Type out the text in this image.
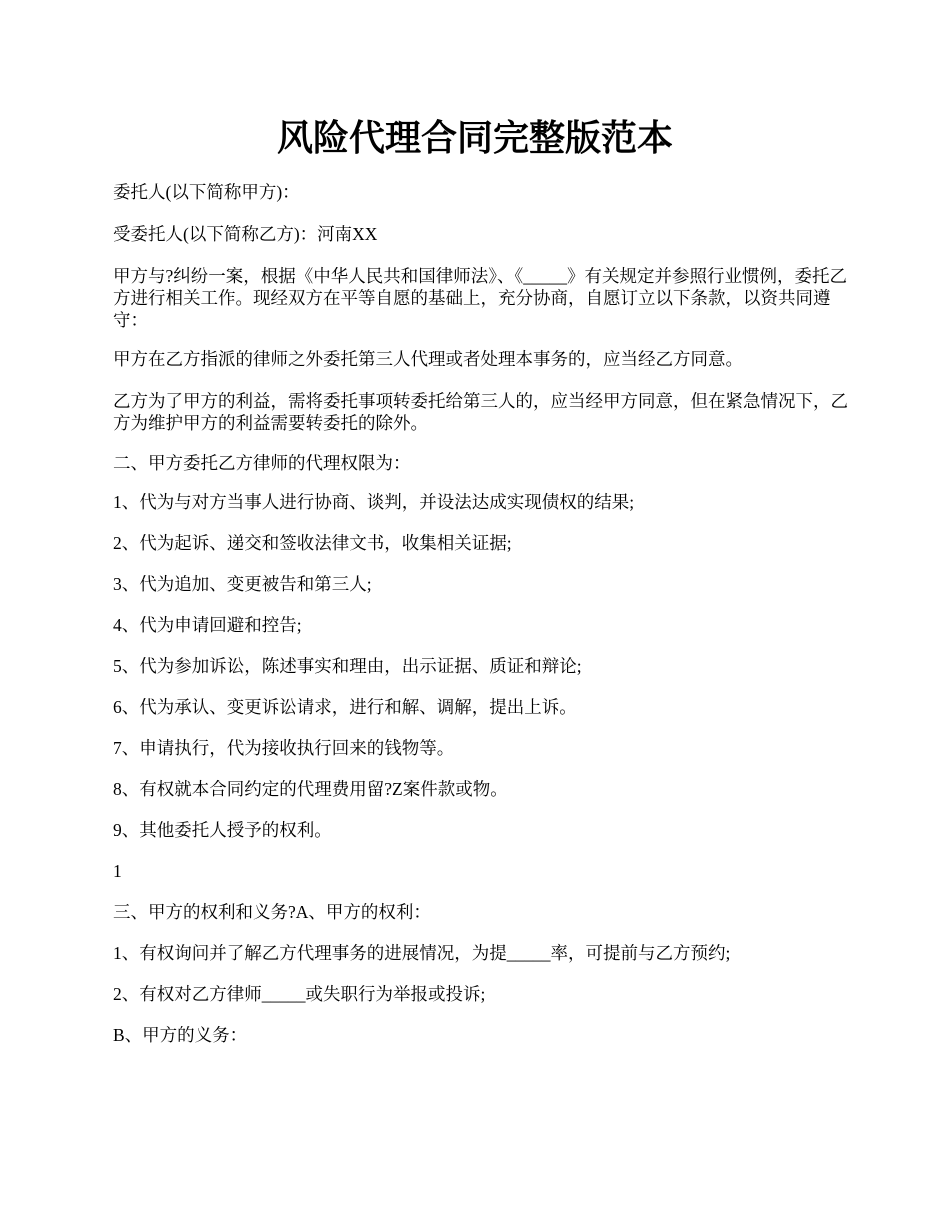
风险代理合同完整版范本
委托人(以下简称甲方)：
受委托人(以下简称乙方)：河南XX
甲方与?纠纷一案，根据《中华人民共和国律师法》、《_____》有关规定并参照行业惯例，委托乙方进行相关工作。现经双方在平等自愿的基础上，充分协商，自愿订立以下条款，以资共同遵守：
甲方在乙方指派的律师之外委托第三人代理或者处理本事务的，应当经乙方同意。
乙方为了甲方的利益，需将委托事项转委托给第三人的，应当经甲方同意，但在紧急情况下，乙方为维护甲方的利益需要转委托的除外。
二、甲方委托乙方律师的代理权限为：
1、代为与对方当事人进行协商、谈判，并设法达成实现债权的结果;
2、代为起诉、递交和签收法律文书，收集相关证据;
3、代为追加、变更被告和第三人;
4、代为申请回避和控告;
5、代为参加诉讼，陈述事实和理由，出示证据、质证和辩论;
6、代为承认、变更诉讼请求，进行和解、调解，提出上诉。
7、申请执行，代为接收执行回来的钱物等。
8、有权就本合同约定的代理费用留?Z案件款或物。
9、其他委托人授予的权利。
1
三、甲方的权利和义务?A、甲方的权利：
1、有权询问并了解乙方代理事务的进展情况，为提_____率，可提前与乙方预约;
2、有权对乙方律师_____或失职行为举报或投诉;
B、甲方的义务：
